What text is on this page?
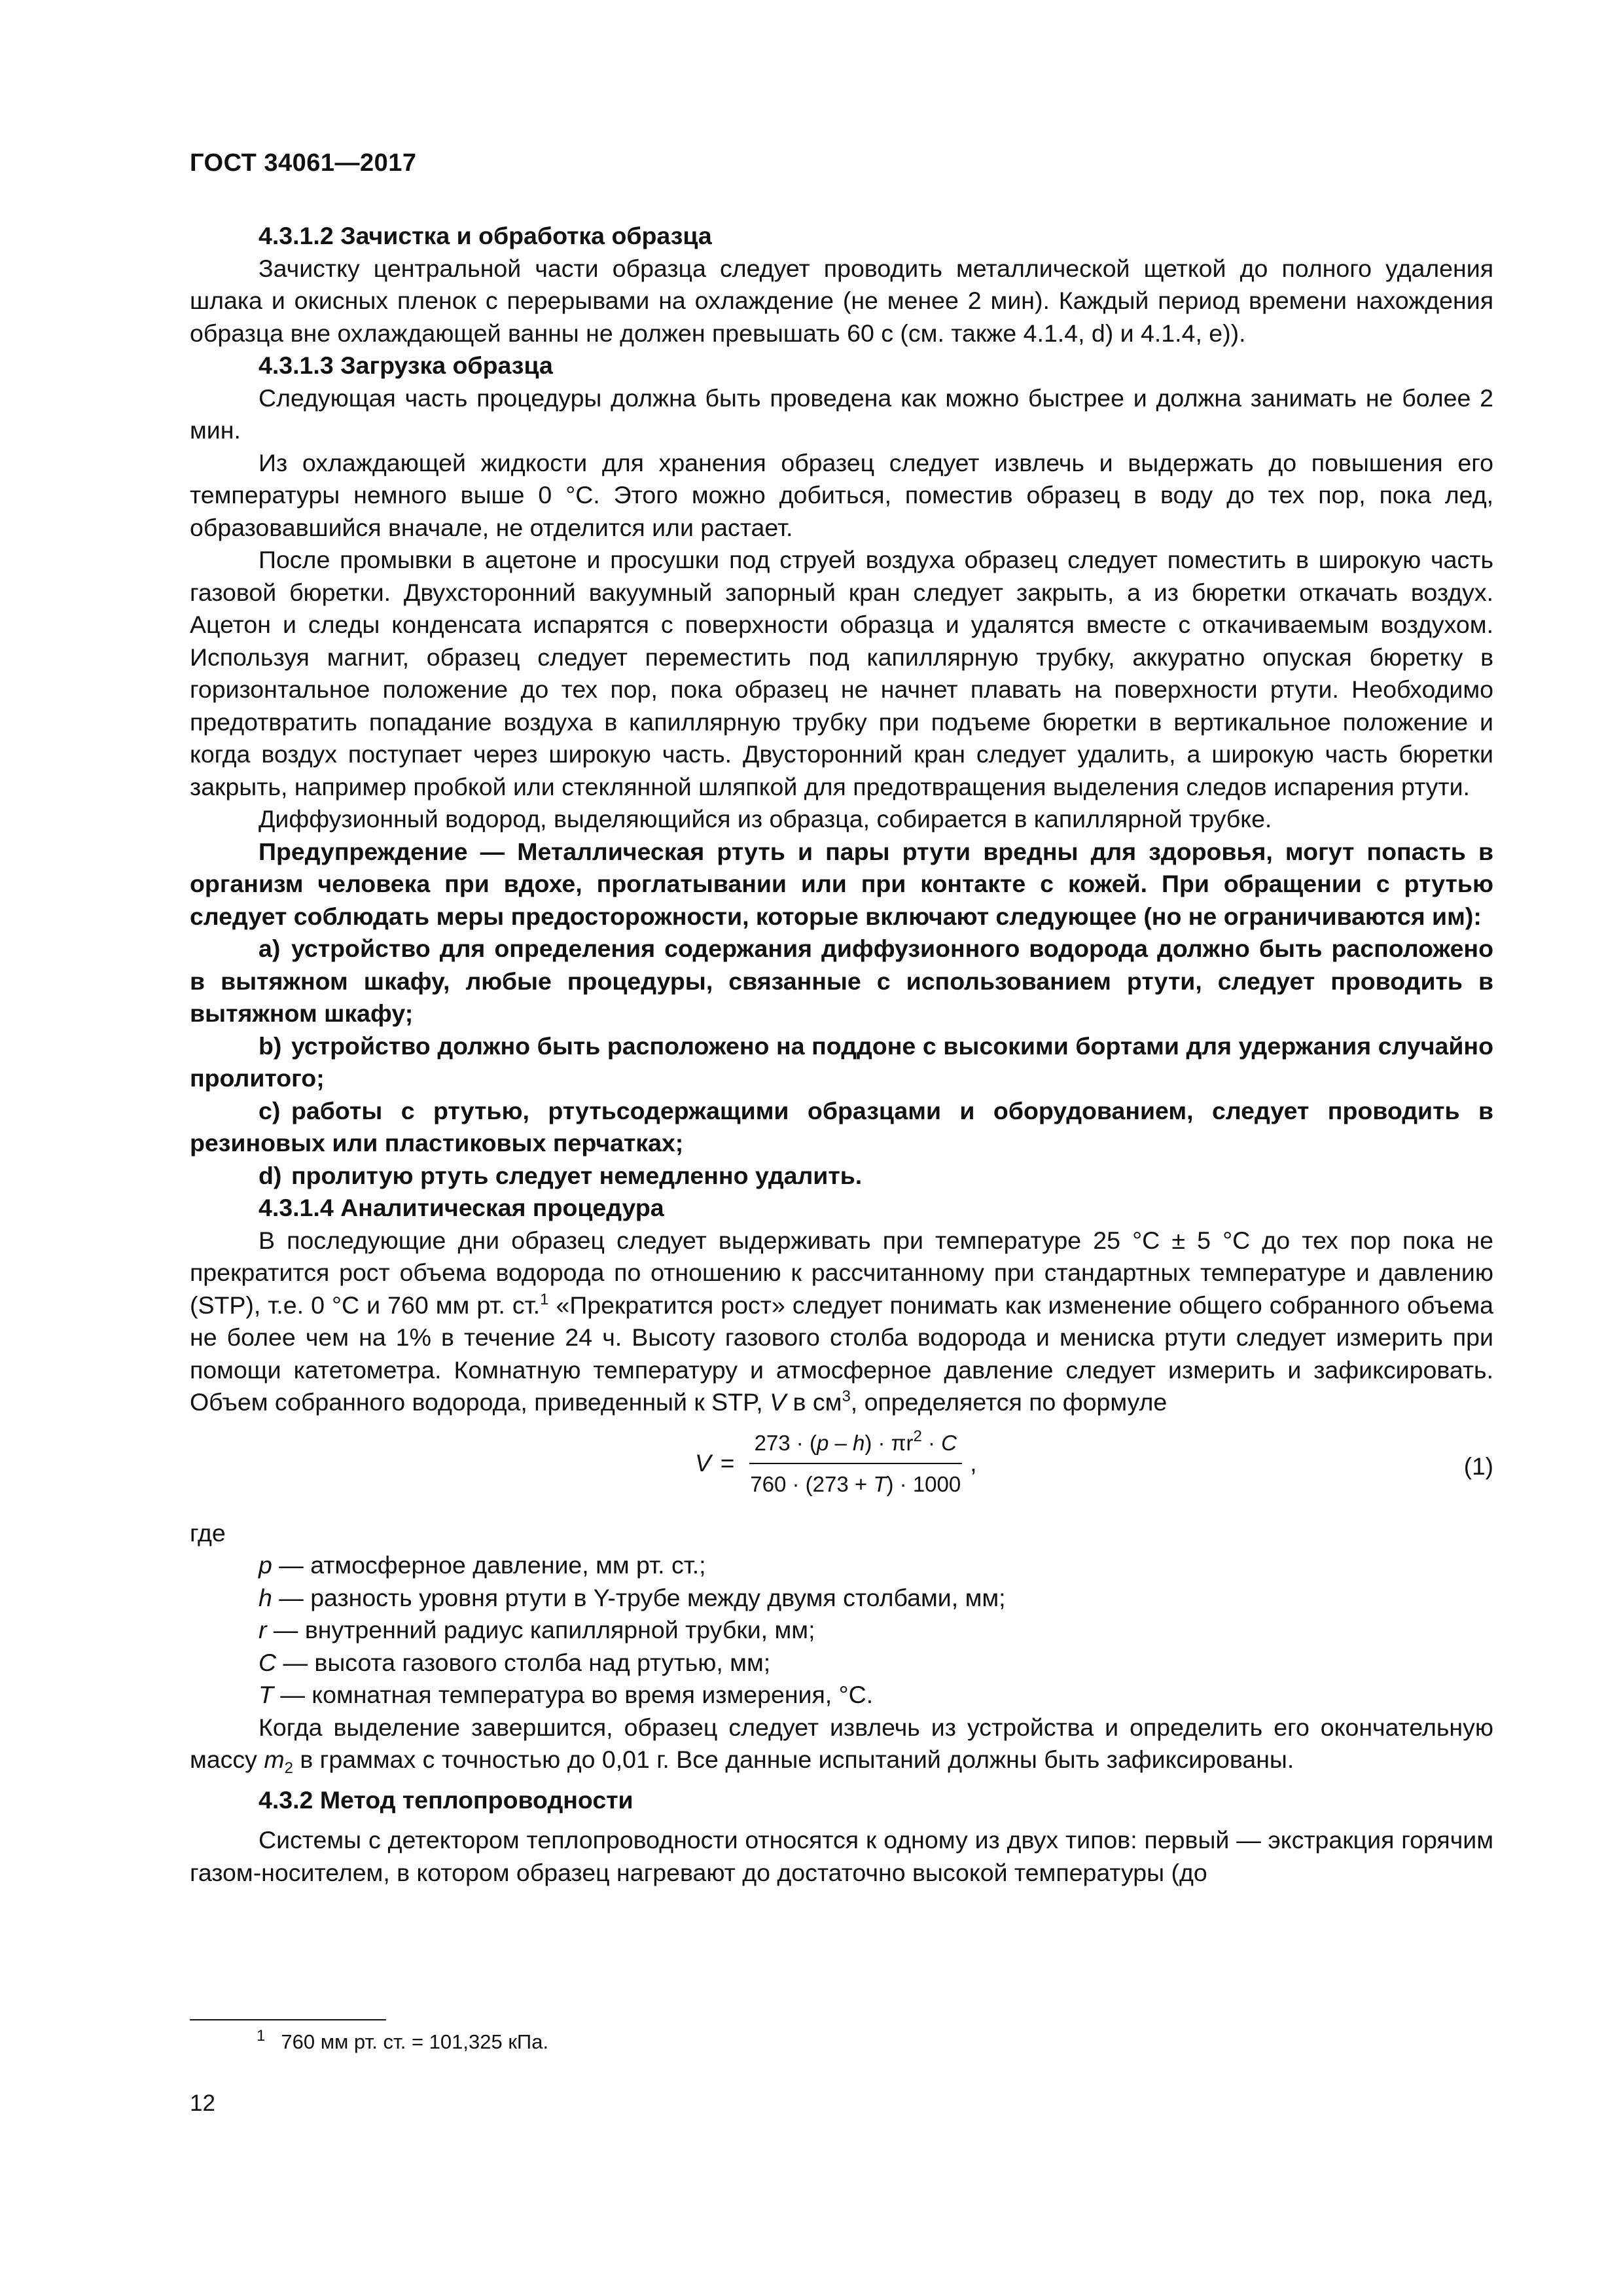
ГОСТ 34061—2017

4.3.1.2 Зачистка и обработка образца

Зачистку центральной части образца следует проводить металлической щеткой до полного удаления шлака и окисных пленок с перерывами на охлаждение (не менее 2 мин). Каждый период времени нахождения образца вне охлаждающей ванны не должен превышать 60 с (см. также 4.1.4, d) и 4.1.4, e)).

4.3.1.3 Загрузка образца

Следующая часть процедуры должна быть проведена как можно быстрее и должна занимать не более 2 мин.

Из охлаждающей жидкости для хранения образец следует извлечь и выдержать до повышения его температуры немного выше 0 °C. Этого можно добиться, поместив образец в воду до тех пор, пока лед, образовавшийся вначале, не отделится или растает.

После промывки в ацетоне и просушки под струей воздуха образец следует поместить в широкую часть газовой бюретки. Двухсторонний вакуумный запорный кран следует закрыть, а из бюретки откачать воздух. Ацетон и следы конденсата испарятся с поверхности образца и удалятся вместе с откачиваемым воздухом. Используя магнит, образец следует переместить под капиллярную трубку, аккуратно опуская бюретку в горизонтальное положение до тех пор, пока образец не начнет плавать на поверхности ртути. Необходимо предотвратить попадание воздуха в капиллярную трубку при подъеме бюретки в вертикальное положение и когда воздух поступает через широкую часть. Двусторонний кран следует удалить, а широкую часть бюретки закрыть, например пробкой или стеклянной шляпкой для предотвращения выделения следов испарения ртути.

Диффузионный водород, выделяющийся из образца, собирается в капиллярной трубке.

Предупреждение — Металлическая ртуть и пары ртути вредны для здоровья, могут попасть в организм человека при вдохе, проглатывании или при контакте с кожей. При обращении с ртутью следует соблюдать меры предосторожности, которые включают следующее (но не ограничиваются им):

a) устройство для определения содержания диффузионного водорода должно быть расположено в вытяжном шкафу, любые процедуры, связанные с использованием ртути, следует проводить в вытяжном шкафу;

b) устройство должно быть расположено на поддоне с высокими бортами для удержания случайно пролитого;

c) работы с ртутью, ртутьсодержащими образцами и оборудованием, следует проводить в резиновых или пластиковых перчатках;

d) пролитую ртуть следует немедленно удалить.

4.3.1.4 Аналитическая процедура

В последующие дни образец следует выдерживать при температуре 25 °C ± 5 °C до тех пор пока не прекратится рост объема водорода по отношению к рассчитанному при стандартных температуре и давлению (STP), т.е. 0 °C и 760 мм рт. ст.$^1$ «Прекратится рост» следует понимать как изменение общего собранного объема не более чем на 1% в течение 24 ч. Высоту газового столба водорода и мениска ртути следует измерить при помощи катетометра. Комнатную температуру и атмосферное давление следует измерить и зафиксировать. Объем собранного водорода, приведенный к STP, V в $см^3$, определяется по формуле

$V = \frac{273 \cdot (p - h) \cdot \pi r^2 \cdot C}{760 \cdot (273 + T) \cdot 1000}$ ,	(1)

где

p — атмосферное давление, мм рт. ст.;

h — разность уровня ртути в Y-трубе между двумя столбами, мм;

r — внутренний радиус капиллярной трубки, мм;

C — высота газового столба над ртутью, мм;

T — комнатная температура во время измерения, °C.

Когда выделение завершится, образец следует извлечь из устройства и определить его окончательную массу $m_2$ в граммах с точностью до 0,01 г. Все данные испытаний должны быть зафиксированы.

4.3.2 Метод теплопроводности

Системы с детектором теплопроводности относятся к одному из двух типов: первый — экстракция горячим газом-носителем, в котором образец нагревают до достаточно высокой температуры (до

$^1$ 760 мм рт. ст. = 101,325 кПа.
12
